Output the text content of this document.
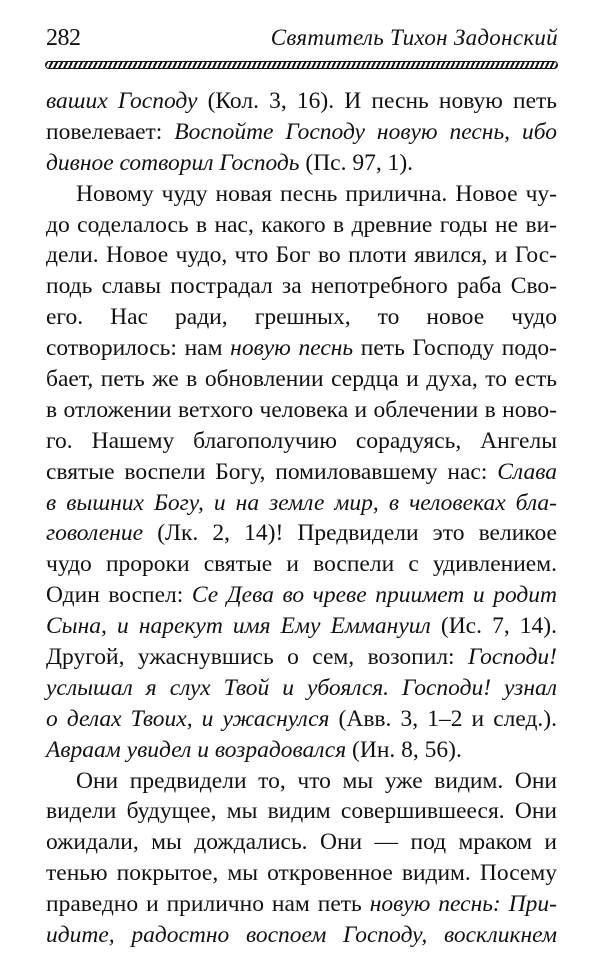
282	Святитель Тихон Задонский
ваших Господу (Кол. 3, 16). И песнь новую петь
повелевает: Воспойте Господу новую песнь, ибо
дивное сотворил Господь (Пс. 97, 1).
Новому чуду новая песнь прилична. Новое чу-
до соделалось в нас, какого в древние годы не ви-
дели. Новое чудо, что Бог во плоти явился, и Гос-
подь славы пострадал за непотребного раба Сво-
его. Нас ради, грешных, то новое чудо
сотворилось: нам новую песнь петь Господу подо-
бает, петь же в обновлении сердца и духа, то есть
в отложении ветхого человека и облечении в ново-
го. Нашему благополучию сорадуясь, Ангелы
святые воспели Богу, помиловавшему нас: Слава
в вышних Богу, и на земле мир, в человеках бла-
говоление (Лк. 2, 14)! Предвидели это великое
чудо пророки святые и воспели с удивлением.
Один воспел: Се Дева во чреве приимет и родит
Сына, и нарекут имя Ему Еммануил (Ис. 7, 14).
Другой, ужаснувшись о сем, возопил: Господи!
услышал я слух Твой и убоялся. Господи! узнал
о делах Твоих, и ужаснулся (Авв. 3, 1–2 и след.).
Авраам увидел и возрадовался (Ин. 8, 56).
Они предвидели то, что мы уже видим. Они
видели будущее, мы видим совершившееся. Они
ожидали, мы дождались. Они — под мраком и
тенью покрытое, мы откровенное видим. Посему
праведно и прилично нам петь новую песнь: При-
идите, радостно воспоем Господу, воскликнем
